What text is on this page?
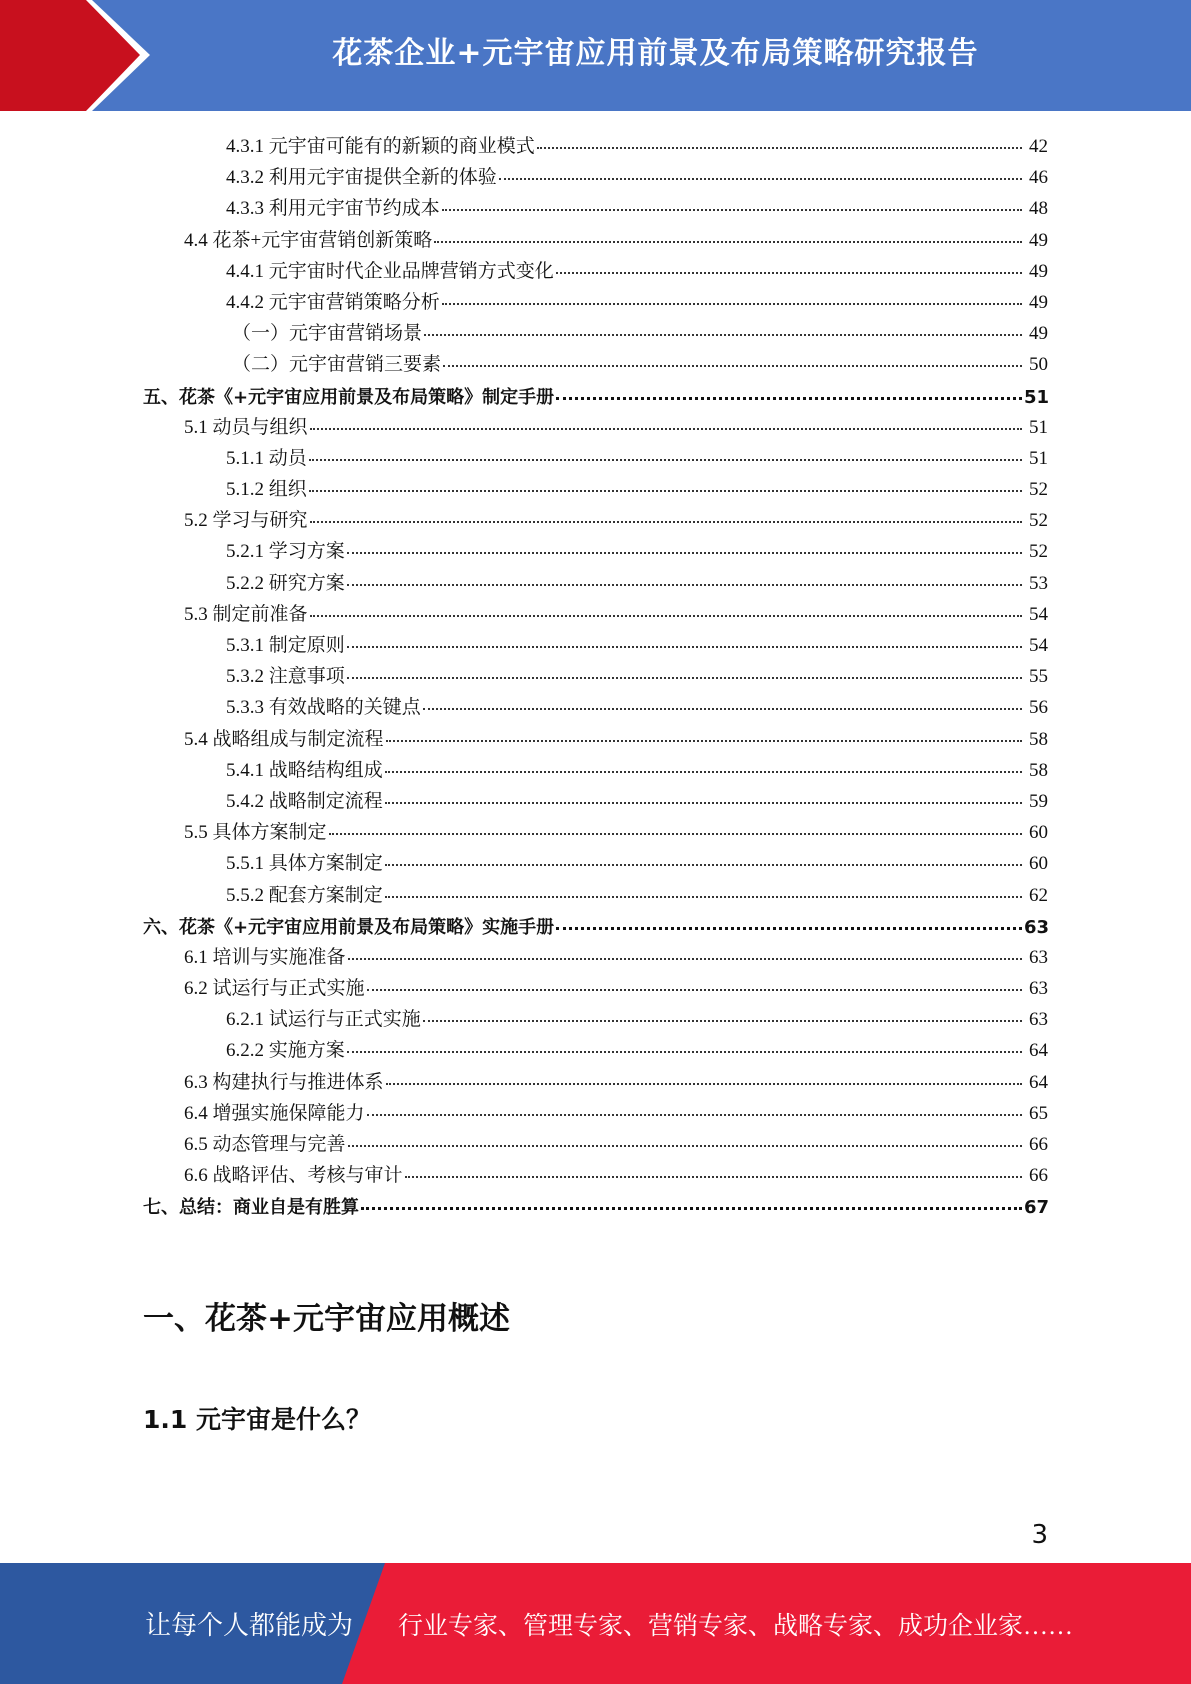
花茶企业+元宇宙应用前景及布局策略研究报告
4.3.1 元宇宙可能有的新颖的商业模式	42
4.3.2 利用元宇宙提供全新的体验	46
4.3.3 利用元宇宙节约成本	48
4.4 花茶+元宇宙营销创新策略	49
4.4.1 元宇宙时代企业品牌营销方式变化	49
4.4.2 元宇宙营销策略分析	49
（一）元宇宙营销场景	49
（二）元宇宙营销三要素	50
五、花茶《+元宇宙应用前景及布局策略》制定手册	51
5.1 动员与组织	51
5.1.1 动员	51
5.1.2 组织	52
5.2 学习与研究	52
5.2.1 学习方案	52
5.2.2 研究方案	53
5.3 制定前准备	54
5.3.1 制定原则	54
5.3.2 注意事项	55
5.3.3 有效战略的关键点	56
5.4 战略组成与制定流程	58
5.4.1 战略结构组成	58
5.4.2 战略制定流程	59
5.5 具体方案制定	60
5.5.1 具体方案制定	60
5.5.2 配套方案制定	62
六、花茶《+元宇宙应用前景及布局策略》实施手册	63
6.1 培训与实施准备	63
6.2 试运行与正式实施	63
6.2.1 试运行与正式实施	63
6.2.2 实施方案	64
6.3 构建执行与推进体系	64
6.4 增强实施保障能力	65
6.5 动态管理与完善	66
6.6 战略评估、考核与审计	66
七、总结：商业自是有胜算	67
一、花茶+元宇宙应用概述
1.1 元宇宙是什么？
3
让每个人都能成为 行业专家、管理专家、营销专家、战略专家、成功企业家……
